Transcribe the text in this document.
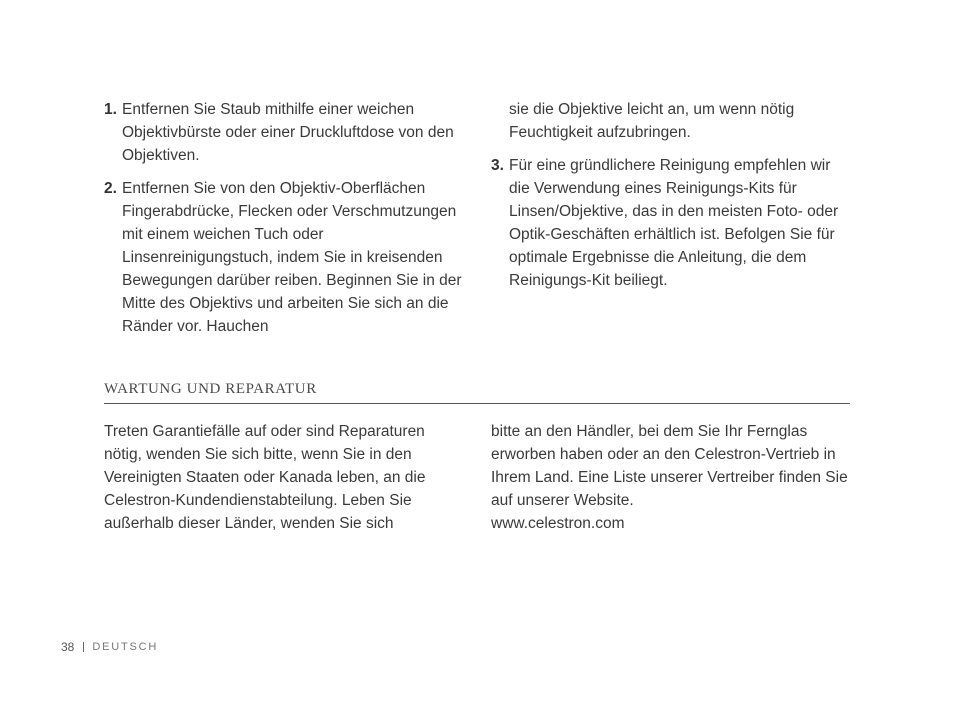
1. Entfernen Sie Staub mithilfe einer weichen Objektivbürste oder einer Druckluftdose von den Objektiven.
2. Entfernen Sie von den Objektiv-Oberflächen Fingerabdrücke, Flecken oder Verschmutzungen mit einem weichen Tuch oder Linsenreinigungstuch, indem Sie in kreisenden Bewegungen darüber reiben. Beginnen Sie in der Mitte des Objektivs und arbeiten Sie sich an die Ränder vor. Hauchen
sie die Objektive leicht an, um wenn nötig Feuchtigkeit aufzubringen.
3. Für eine gründlichere Reinigung empfehlen wir die Verwendung eines Reinigungs-Kits für Linsen/Objektive, das in den meisten Foto- oder Optik-Geschäften erhältlich ist. Befolgen Sie für optimale Ergebnisse die Anleitung, die dem Reinigungs-Kit beiliegt.
WARTUNG UND REPARATUR

Treten Garantiefälle auf oder sind Reparaturen nötig, wenden Sie sich bitte, wenn Sie in den Vereinigten Staaten oder Kanada leben, an die Celestron-Kundendienstabteilung. Leben Sie außerhalb dieser Länder, wenden Sie sich

bitte an den Händler, bei dem Sie Ihr Fernglas erworben haben oder an den Celestron-Vertrieb in Ihrem Land. Eine Liste unserer Vertreiber finden Sie auf unserer Website.

www.celestron.com
38 DEUTSCH
